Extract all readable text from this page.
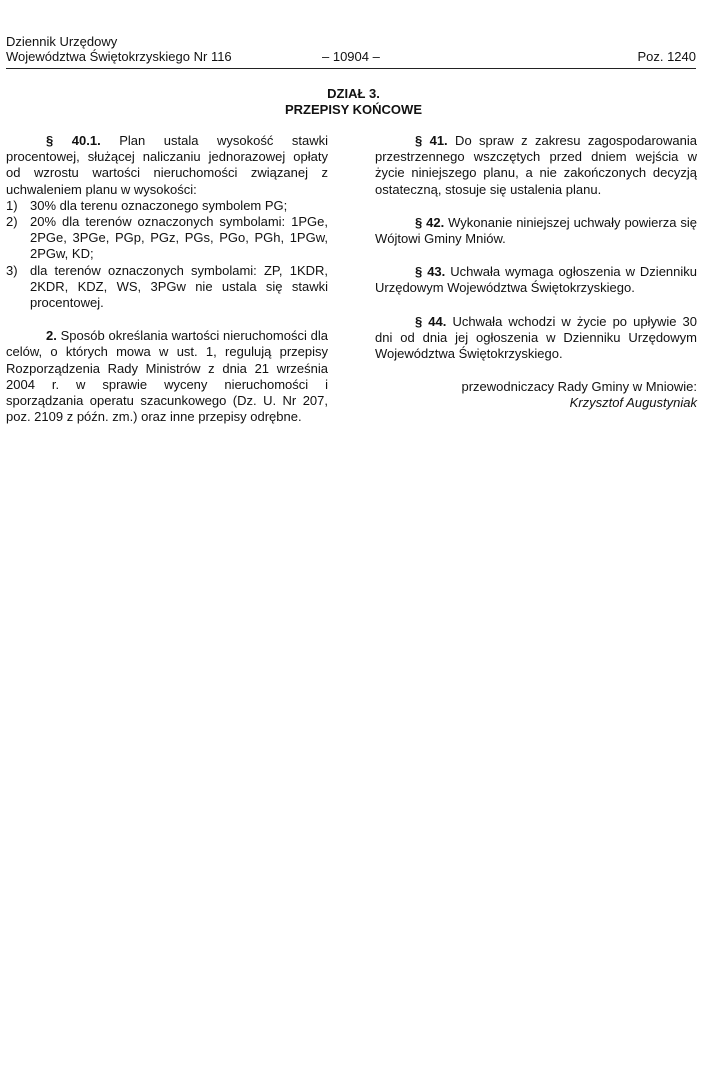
Dziennik Urzędowy
Województwa Świętokrzyskiego Nr 116	– 10904 –	Poz. 1240
DZIAŁ 3.
PRZEPISY KOŃCOWE

§ 40.1. Plan ustala wysokość stawki procentowej, służącej naliczaniu jednorazowej opłaty od wzrostu wartości nieruchomości związanej z uchwaleniem planu w wysokości:

1) 30% dla terenu oznaczonego symbolem PG;
2) 20% dla terenów oznaczonych symbolami: 1PGe, 2PGe, 3PGe, PGp, PGz, PGs, PGo, PGh, 1PGw, 2PGw, KD;
3) dla terenów oznaczonych symbolami: ZP, 1KDR, 2KDR, KDZ, WS, 3PGw nie ustala się stawki procentowej.

2. Sposób określania wartości nieruchomości dla celów, o których mowa w ust. 1, regulują przepisy Rozporządzenia Rady Ministrów z dnia 21 września 2004 r. w sprawie wyceny nieruchomości i sporządzania operatu szacunkowego (Dz. U. Nr 207, poz. 2109 z późn. zm.) oraz inne przepisy odrębne.

§ 41. Do spraw z zakresu zagospodarowania przestrzennego wszczętych przed dniem wejścia w życie niniejszego planu, a nie zakończonych decyzją ostateczną, stosuje się ustalenia planu.

§ 42. Wykonanie niniejszej uchwały powierza się Wójtowi Gminy Mniów.

§ 43. Uchwała wymaga ogłoszenia w Dzienniku Urzędowym Województwa Świętokrzyskiego.

§ 44. Uchwała wchodzi w życie po upływie 30 dni od dnia jej ogłoszenia w Dzienniku Urzędowym Województwa Świętokrzyskiego.

przewodniczacy Rady Gminy w Mniowie:

Krzysztof Augustyniak
